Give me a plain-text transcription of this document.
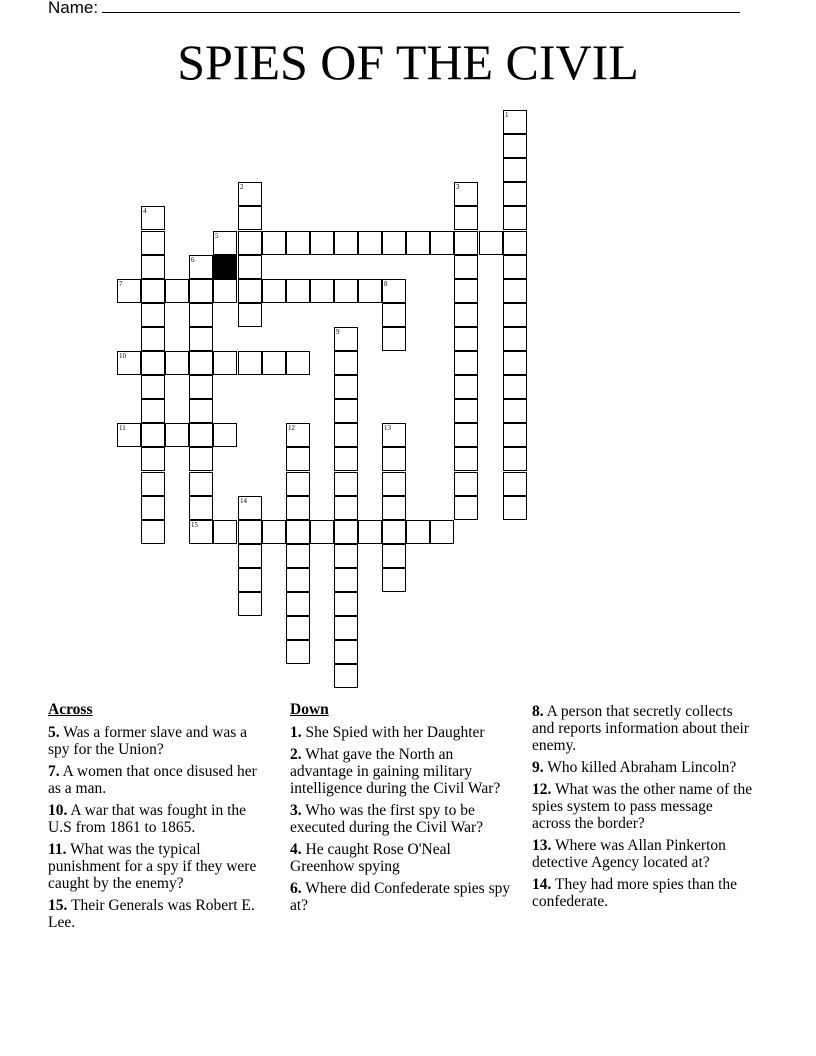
Name:
SPIES OF THE CIVIL
1
2	3
4
5
6
15
7	8
9
10
11	12	13
14
Across
5. Was a former slave and was a spy for the Union?
7. A women that once disused her as a man.
10. A war that was fought in the U.S from 1861 to 1865.
11. What was the typical punishment for a spy if they were caught by the enemy?
15. Their Generals was Robert E. Lee.
Down
1. She Spied with her Daughter
2. What gave the North an advantage in gaining military intelligence during the Civil War?
3. Who was the first spy to be executed during the Civil War?
4. He caught Rose O'Neal Greenhow spying
6. Where did Confederate spies spy at?
8. A person that secretly collects and reports information about their enemy.
9. Who killed Abraham Lincoln?
12. What was the other name of the spies system to pass message across the border?
13. Where was Allan Pinkerton detective Agency located at?
14. They had more spies than the confederate.
